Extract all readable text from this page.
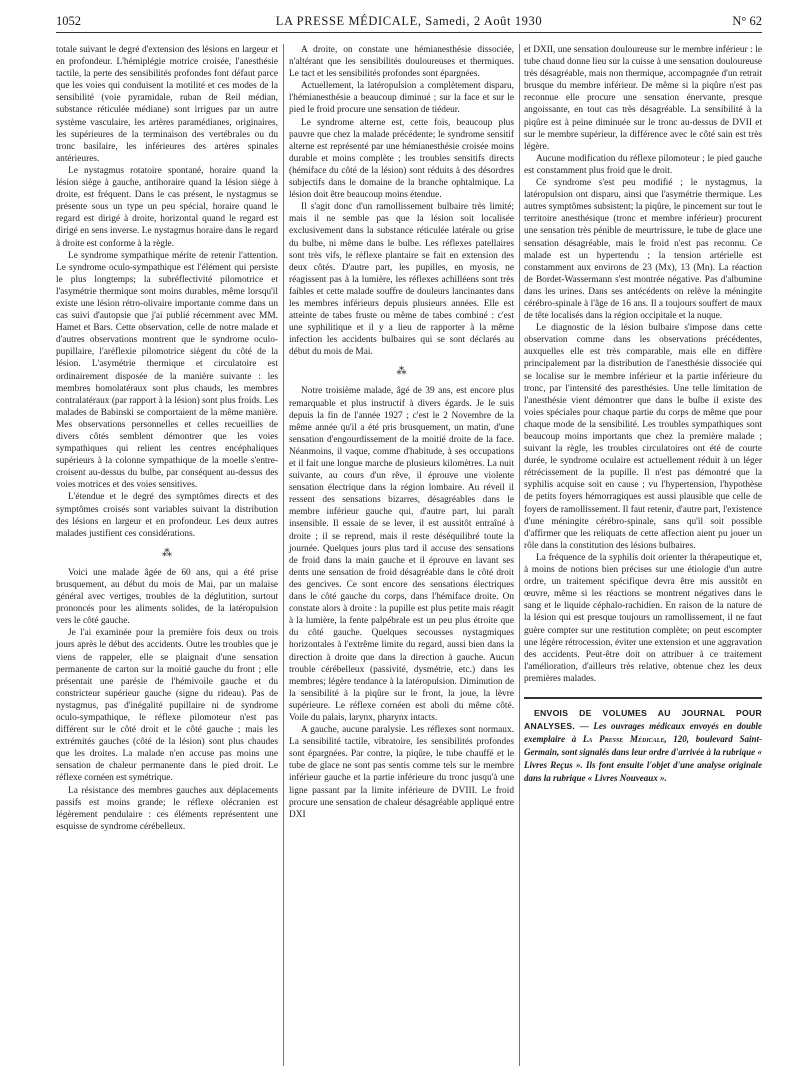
1052	LA PRESSE MÉDICALE, Samedi, 2 Août 1930	N° 62

totale suivant le degré d'extension des lésions en largeur et en profondeur. L'hémiplégie motrice croisée, l'anesthésie tactile, la perte des sensibilités profondes font défaut parce que les voies qui conduisent la motilité et ces modes de la sensibilité (voie pyramidale, ruban de Reil médian, substance réticulée médiane) sont irrigues par un autre système vasculaire, les artères paramédianes, originaires, les supérieures de la terminaison des vertébrales ou du tronc basilaire, les inférieures des artères spinales antérieures.

Le nystagmus rotatoire spontané, horaire quand la lésion siège à gauche, antihoraire quand la lésion siège à droite, est fréquent. Dans le cas présent, le nystagmus se présente sous un type un peu spécial, horaire quand le regard est dirigé à droite, horizontal quand le regard est dirigé en sens inverse. Le nystagmus horaire dans le regard à droite est conforme à la règle.

Le syndrome sympathique mérite de retenir l'attention. Le syndrome oculo-sympathique est l'élément qui persiste le plus longtemps; la subréflectivité pilomotrice et l'asymétrie thermique sont moins durables, même lorsqu'il existe une lésion rétro-olivaire importante comme dans un cas suivi d'autopsie que j'ai publié récemment avec MM. Hamet et Bars. Cette observation, celle de notre malade et d'autres observations montrent que le syndrome oculo-pupillaire, l'aréflexie pilomotrice siègent du côté de la lésion. L'asymétrie thermique et circulatoire est ordinairement disposée de la manière suivante : les membres homolatéraux sont plus chauds, les membres contralatéraux (par rapport à la lésion) sont plus froids. Les malades de Babinski se comportaient de la même manière. Mes observations personnelles et celles recueillies de divers côtés semblent démontrer que les voies sympathiques qui relient les centres encéphaliques supérieurs à la colonne sympathique de la moelle s'entre-croisent au-dessus du bulbe, par conséquent au-dessus des voies motrices et des voies sensitives.

L'étendue et le degré des symptômes directs et des symptômes croisés sont variables suivant la distribution des lésions en largeur et en profondeur. Les deux autres malades justifient ces considérations.

⁂

Voici une malade âgée de 60 ans, qui a été prise brusquement, au début du mois de Mai, par un malaise général avec vertiges, troubles de la déglutition, surtout prononcés pour les aliments solides, de la latéropulsion vers le côté gauche.

Je l'ai examinée pour la première fois deux ou trois jours après le début des accidents. Outre les troubles que je viens de rappeler, elle se plaignait d'une sensation permanente de carton sur la moitié gauche du front ; elle présentait une parésie de l'hémivoile gauche et du constricteur supérieur gauche (signe du rideau). Pas de nystagmus, pas d'inégalité pupillaire ni de syndrome oculo-sympathique, le réflexe pilomoteur n'est pas différent sur le côté droit et le côté gauche ; mais les extrémités gauches (côté de la lésion) sont plus chaudes que les droites. La malade n'en accuse pas moins une sensation de chaleur permanente dans le pied droit. Le réflexe cornéen est symétrique.

La résistance des membres gauches aux déplacements passifs est moins grande; le réflexe olécranien est légèrement pendulaire : ces éléments représentent une esquisse de syndrome cérébelleux.

A droite, on constate une hémianesthésie dissociée, n'altérant que les sensibilités douloureuses et thermiques. Le tact et les sensibilités profondes sont épargnées.

Actuellement, la latéropulsion a complètement disparu, l'hémianesthésie a beaucoup diminué ; sur la face et sur le pied le froid procure une sensation de tiédeur.

Le syndrome alterne est, cette fois, beaucoup plus pauvre que chez la malade précédente; le syndrome sensitif alterne est représenté par une hémianesthésie croisée moins durable et moins complète ; les troubles sensitifs directs (hémiface du côté de la lésion) sont réduits à des désordres subjectifs dans le domaine de la branche ophtalmique. La lésion doit être beaucoup moins étendue.

Il s'agit donc d'un ramollissement bulbaire très limité; mais il ne semble pas que la lésion soit localisée exclusivement dans la substance réticulée latérale ou grise du bulbe, ni même dans le bulbe. Les réflexes patellaires sont très vifs, le réflexe plantaire se fait en extension des deux côtés. D'autre part, les pupilles, en myosis, ne réagissent pas à la lumière, les réflexes achilléens sont très faibles et cette malade souffre de douleurs lancinantes dans les membres inférieurs depuis plusieurs années. Elle est atteinte de tabes fruste ou même de tabes combiné : c'est une syphilitique et il y a lieu de rapporter à la même infection les accidents bulbaires qui se sont déclarés au début du mois de Mai.

⁂

Notre troisième malade, âgé de 39 ans, est encore plus remarquable et plus instructif à divers égards. Je le suis depuis la fin de l'année 1927 ; c'est le 2 Novembre de la même année qu'il a été pris brusquement, un matin, d'une sensation d'engourdissement de la moitié droite de la face. Néanmoins, il vaque, comme d'habitude, à ses occupations et il fait une longue marche de plusieurs kilomètres. La nuit suivante, au cours d'un rêve, il éprouve une violente sensation électrique dans la région lombaire. Au réveil il ressent des sensations bizarres, désagréables dans le membre inférieur gauche qui, d'autre part, lui paraît insensible. Il essaie de se lever, il est aussitôt entraîné à droite ; il se reprend, mais il reste déséquilibré toute la journée. Quelques jours plus tard il accuse des sensations de froid dans la main gauche et il éprouve en lavant ses dents une sensation de froid désagréable dans le côté droit des gencives. Ce sont encore des sensations électriques dans le côté gauche du corps, dans l'hémiface droite. On constate alors à droite : la pupille est plus petite mais réagit à la lumière, la fente palpébrale est un peu plus étroite que du côté gauche. Quelques secousses nystagmiques horizontales à l'extrême limite du regard, aussi bien dans la direction à droite que dans la direction à gauche. Aucun trouble cérébelleux (passivité, dysmétrie, etc.) dans les membres; légère tendance à la latéropulsion. Diminution de la sensibilité à la piqûre sur le front, la joue, la lèvre supérieure. Le réflexe cornéen est aboli du même côté. Voile du palais, larynx, pharynx intacts.

A gauche, aucune paralysie. Les réflexes sont normaux. La sensibilité tactile, vibratoire, les sensibilités profondes sont épargnées. Par contre, la piqûre, le tube chauffé et le tube de glace ne sont pas sentis comme tels sur le membre inférieur gauche et la partie inférieure du tronc jusqu'à une ligne passant par la limite inférieure de DVIII. Le froid procure une sensation de chaleur désagréable appliqué entre DXI

et DXII, une sensation douloureuse sur le membre inférieur : le tube chaud donne lieu sur la cuisse à une sensation douloureuse très désagréable, mais non thermique, accompagnée d'un retrait brusque du membre inférieur. De même si la piqûre n'est pas reconnue elle procure une sensation énervante, presque angoissante, en tout cas très désagréable. La sensibilité à la piqûre est à peine diminuée sur le tronc au-dessus de DVII et sur le membre supérieur, la différence avec le côté sain est très légère.

Aucune modification du réflexe pilomoteur ; le pied gauche est constamment plus froid que le droit.

Ce syndrome s'est peu modifié ; le nystagmus, la latéropulsion ont disparu, ainsi que l'asymétrie thermique. Les autres symptômes subsistent; la piqûre, le pincement sur tout le territoire anesthésique (tronc et membre inférieur) procurent une sensation très pénible de meurtrissure, le tube de glace une sensation désagréable, mais le froid n'est pas reconnu. Ce malade est un hypertendu ; la tension artérielle est constamment aux environs de 23 (Mx), 13 (Mn). La réaction de Bordet-Wassermann s'est montrée négative. Pas d'albumine dans les urines. Dans ses antécédents on relève la méningite cérébro-spinale à l'âge de 16 ans. Il a toujours souffert de maux de tête localisés dans la région occipitale et la nuque.

Le diagnostic de la lésion bulbaire s'impose dans cette observation comme dans les observations précédentes, auxquelles elle est très comparable, mais elle en diffère principalement par la distribution de l'anesthésie dissociée qui se localise sur le membre inférieur et la partie inférieure du tronc, par l'intensité des paresthésies. Une telle limitation de l'anesthésie vient démontrer que dans le bulbe il existe des voies spéciales pour chaque partie du corps de même que pour chaque mode de la sensibilité. Les troubles sympathiques sont beaucoup moins importants que chez la première malade ; suivant la règle, les troubles circulatoires ont été de courte durée, le syndrome oculaire est actuellement réduit à un léger rétrécissement de la pupille. Il n'est pas démontré que la syphilis acquise soit en cause ; vu l'hypertension, l'hypothèse de petits foyers hémorragiques est aussi plausible que celle de foyers de ramollissement. Il faut retenir, d'autre part, l'existence d'une méningite cérébro-spinale, sans qu'il soit possible d'affirmer que les reliquats de cette affection aient pu jouer un rôle dans la constitution des lésions bulbaires.

La fréquence de la syphilis doit orienter la thérapeutique et, à moins de notions bien précises sur une étiologie d'un autre ordre, un traitement spécifique devra être mis aussitôt en œuvre, même si les réactions se montrent négatives dans le sang et le liquide céphalo-rachidien. En raison de la nature de la lésion qui est presque toujours un ramollissement, il ne faut guère compter sur une restitution complète; on peut escompter une légère rétrocession, éviter une extension et une aggravation des accidents. Peut-être doit on attribuer à ce traitement l'amélioration, d'ailleurs très relative, obtenue chez les deux premières malades.

ENVOIS DE VOLUMES AU JOURNAL POUR ANALYSES. — Les ouvrages médicaux envoyés en double exemplaire à La Presse Médicale, 120, boulevard Saint-Germain, sont signalés dans leur ordre d'arrivée à la rubrique « Livres Reçus ». Ils font ensuite l'objet d'une analyse originale dans la rubrique « Livres Nouveaux ».
